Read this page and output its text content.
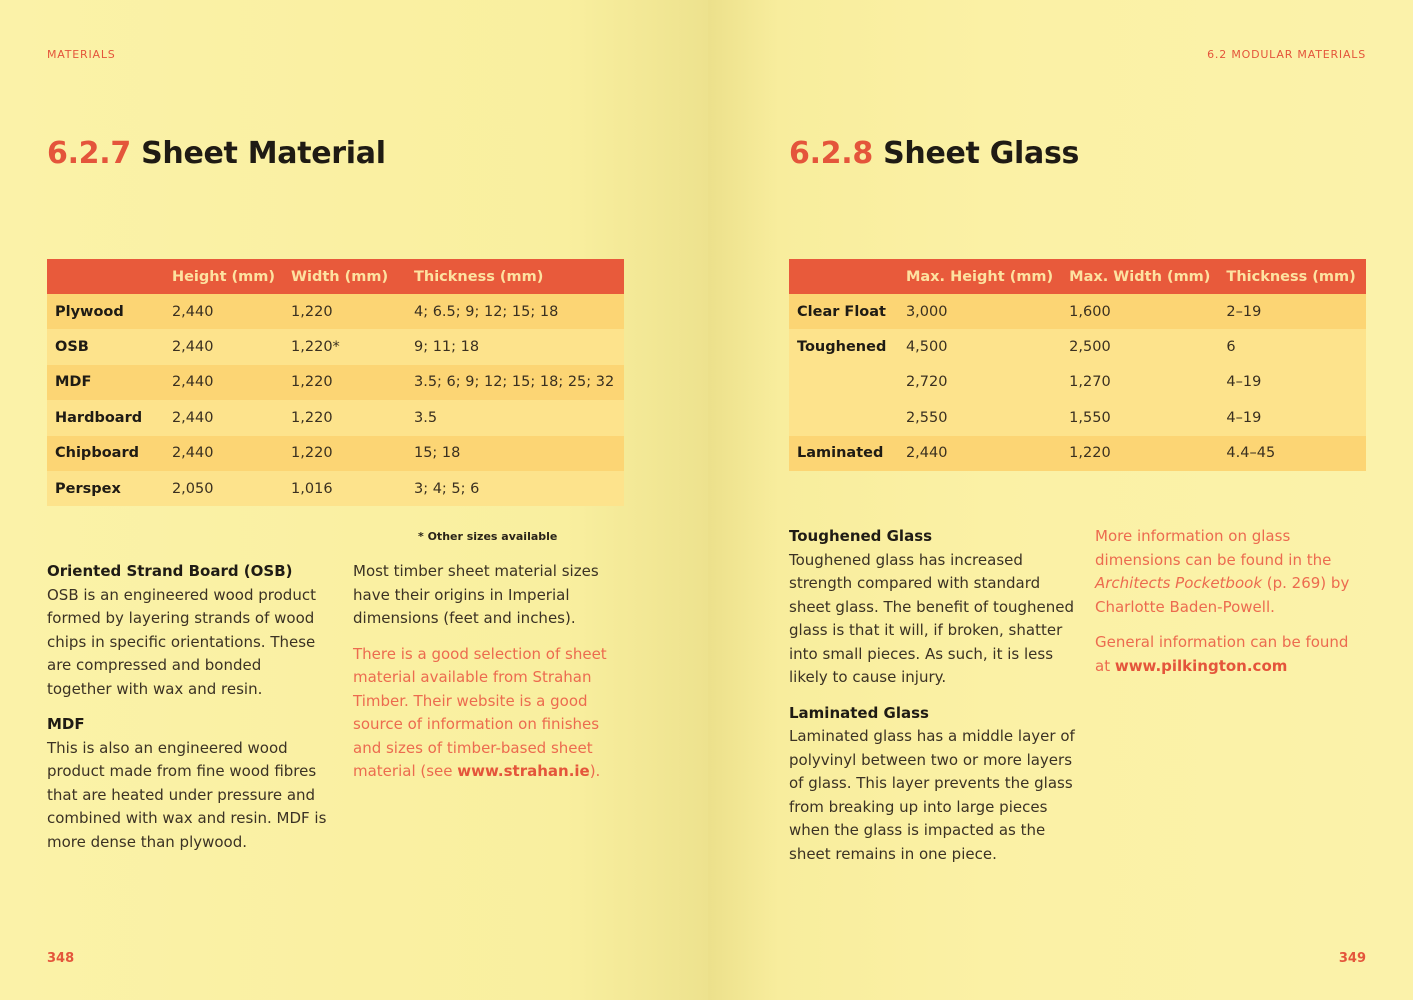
MATERIALS
6.2.7 Sheet Material
	Height (mm)	Width (mm)	Thickness (mm)
Plywood	2,440	1,220	4; 6.5; 9; 12; 15; 18
OSB	2,440	1,220*	9; 11; 18
MDF	2,440	1,220	3.5; 6; 9; 12; 15; 18; 25; 32
Hardboard	2,440	1,220	3.5
Chipboard	2,440	1,220	15; 18
Perspex	2,050	1,016	3; 4; 5; 6
* Other sizes available
Oriented Strand Board (OSB)

OSB is an engineered wood product formed by layering strands of wood chips in specific orientations. These are compressed and bonded together with wax and resin.

MDF

This is also an engineered wood product made from fine wood fibres that are heated under pressure and combined with wax and resin. MDF is more dense than plywood.

Most timber sheet material sizes have their origins in Imperial dimensions (feet and inches).

There is a good selection of sheet material available from Strahan Timber. Their website is a good source of information on finishes and sizes of timber-based sheet material (see www.strahan.ie).

348
6.2 MODULAR MATERIALS
6.2.8 Sheet Glass
	Max. Height (mm)	Max. Width (mm)	Thickness (mm)
Clear Float	3,000	1,600	2–19
Toughened	4,500	2,500	6
	2,720	1,270	4–19
	2,550	1,550	4–19
Laminated	2,440	1,220	4.4–45
Toughened Glass

Toughened glass has increased strength compared with standard sheet glass. The benefit of toughened glass is that it will, if broken, shatter into small pieces. As such, it is less likely to cause injury.

Laminated Glass

Laminated glass has a middle layer of polyvinyl between two or more layers of glass. This layer prevents the glass from breaking up into large pieces when the glass is impacted as the sheet remains in one piece.

More information on glass dimensions can be found in the Architects Pocketbook (p. 269) by Charlotte Baden-Powell.

General information can be found at www.pilkington.com

349
